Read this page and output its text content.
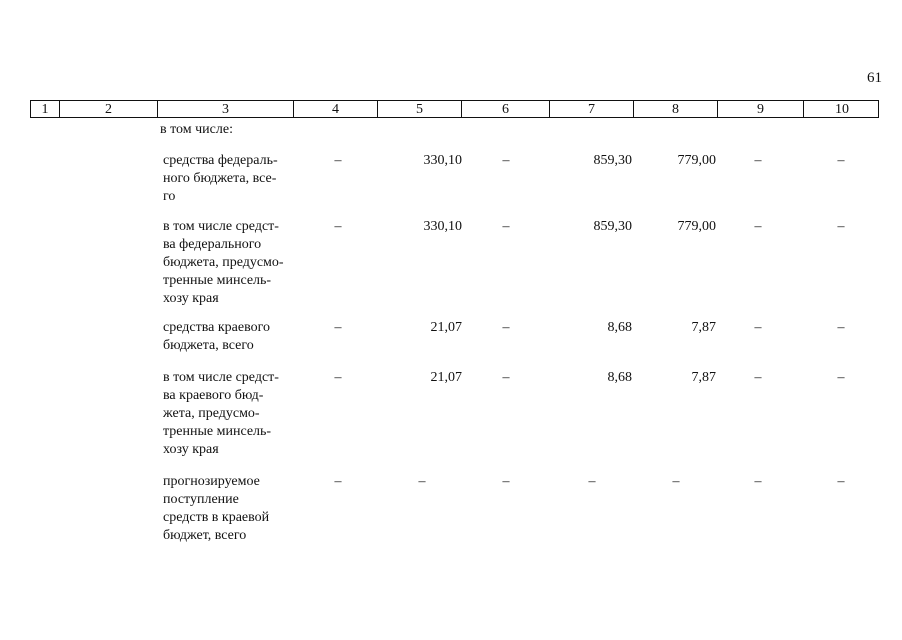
61
1	2	3	4	5	6	7	8	9	10
в том числе:
средства федераль-
ного бюджета, все-
го
–	330,10	–	859,30	779,00	–	–
в том числе средст-
ва федерального
бюджета, предусмо-
тренные минсель-
хозу края
–	330,10	–	859,30	779,00	–	–
средства краевого
бюджета, всего
–	21,07	–	8,68	7,87	–	–
в том числе средст-
ва краевого бюд-
жета, предусмо-
тренные минсель-
хозу края
–	21,07	–	8,68	7,87	–	–
прогнозируемое
поступление
средств в краевой
бюджет, всего
–	–	–	–	–	–	–
